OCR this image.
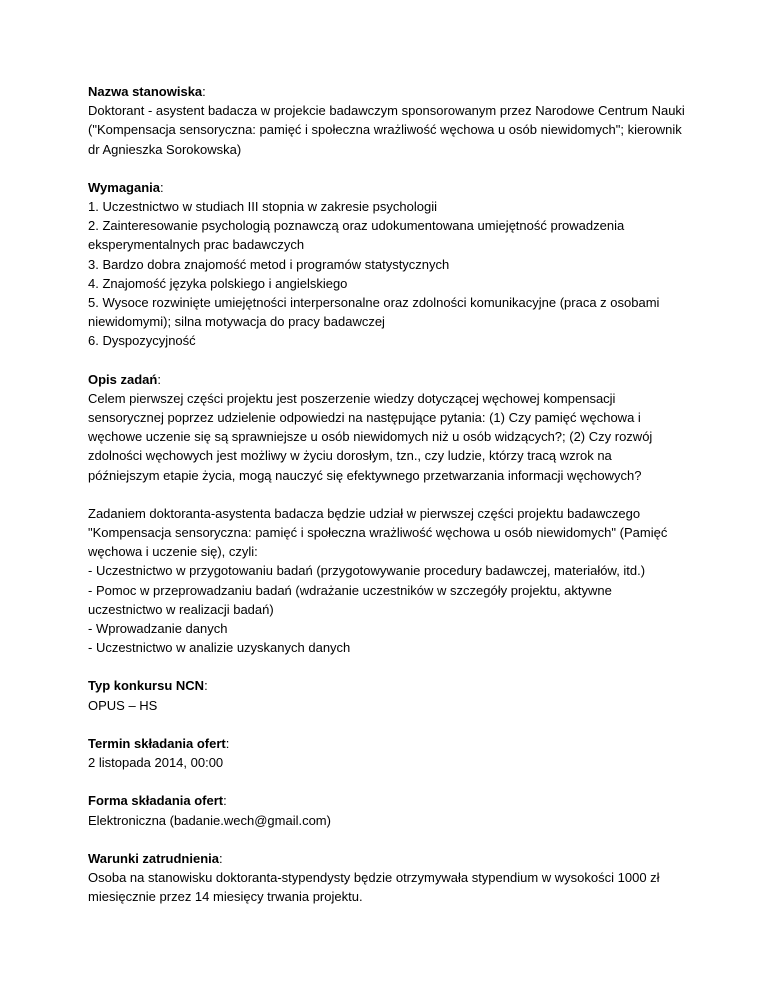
Nazwa stanowiska:
Doktorant - asystent badacza w projekcie badawczym sponsorowanym przez Narodowe Centrum Nauki ("Kompensacja sensoryczna: pamięć i społeczna wrażliwość węchowa u osób niewidomych"; kierownik dr Agnieszka Sorokowska)
Wymagania:
1. Uczestnictwo w studiach III stopnia w zakresie psychologii
2. Zainteresowanie psychologią poznawczą oraz udokumentowana umiejętność prowadzenia eksperymentalnych prac badawczych
3. Bardzo dobra znajomość metod i programów statystycznych
4. Znajomość języka polskiego i angielskiego
5. Wysoce rozwinięte umiejętności interpersonalne oraz zdolności komunikacyjne (praca z osobami niewidomymi); silna motywacja do pracy badawczej
6. Dyspozycyjność
Opis zadań:
Celem pierwszej części projektu jest poszerzenie wiedzy dotyczącej węchowej kompensacji sensorycznej poprzez udzielenie odpowiedzi na następujące pytania: (1) Czy pamięć węchowa i węchowe uczenie się są sprawniejsze u osób niewidomych niż u osób widzących?; (2) Czy rozwój zdolności węchowych jest możliwy w życiu dorosłym, tzn., czy ludzie, którzy tracą wzrok na późniejszym etapie życia, mogą nauczyć się efektywnego przetwarzania informacji węchowych?
Zadaniem doktoranta-asystenta badacza będzie udział w pierwszej części projektu badawczego "Kompensacja sensoryczna: pamięć i społeczna wrażliwość węchowa u osób niewidomych" (Pamięć węchowa i uczenie się), czyli:
- Uczestnictwo w przygotowaniu badań (przygotowywanie procedury badawczej, materiałów, itd.)
- Pomoc w przeprowadzaniu badań (wdrażanie uczestników w szczegóły projektu, aktywne uczestnictwo w realizacji badań)
- Wprowadzanie danych
- Uczestnictwo w analizie uzyskanych danych
Typ konkursu NCN:
OPUS – HS
Termin składania ofert:
2 listopada 2014, 00:00
Forma składania ofert:
Elektroniczna (badanie.wech@gmail.com)
Warunki zatrudnienia:
Osoba na stanowisku doktoranta-stypendysty będzie otrzymywała stypendium w wysokości 1000 zł miesięcznie przez 14 miesięcy trwania projektu.
